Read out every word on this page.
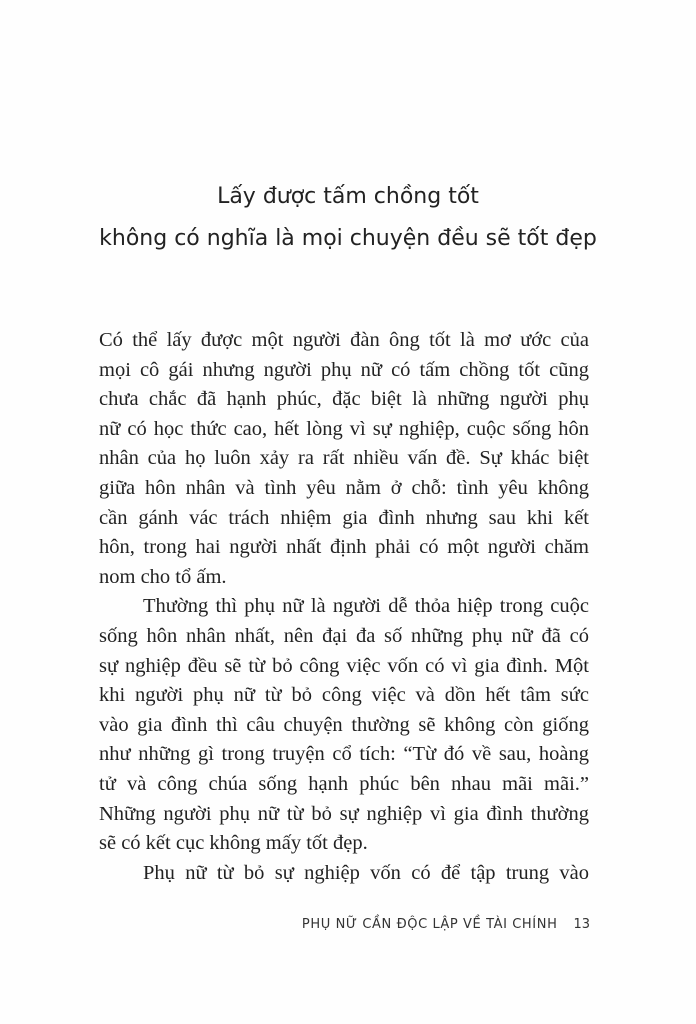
Lấy được tấm chồng tốt
không có nghĩa là mọi chuyện đều sẽ tốt đẹp
Có thể lấy được một người đàn ông tốt là mơ ước của
mọi cô gái nhưng người phụ nữ có tấm chồng tốt cũng
chưa chắc đã hạnh phúc, đặc biệt là những người phụ
nữ có học thức cao, hết lòng vì sự nghiệp, cuộc sống hôn
nhân của họ luôn xảy ra rất nhiều vấn đề. Sự khác biệt
giữa hôn nhân và tình yêu nằm ở chỗ: tình yêu không
cần gánh vác trách nhiệm gia đình nhưng sau khi kết
hôn, trong hai người nhất định phải có một người chăm
nom cho tổ ấm.
Thường thì phụ nữ là người dễ thỏa hiệp trong cuộc
sống hôn nhân nhất, nên đại đa số những phụ nữ đã có
sự nghiệp đều sẽ từ bỏ công việc vốn có vì gia đình. Một
khi người phụ nữ từ bỏ công việc và dồn hết tâm sức
vào gia đình thì câu chuyện thường sẽ không còn giống
như những gì trong truyện cổ tích: “Từ đó về sau, hoàng
tử và công chúa sống hạnh phúc bên nhau mãi mãi.”
Những người phụ nữ từ bỏ sự nghiệp vì gia đình thường
sẽ có kết cục không mấy tốt đẹp.
Phụ nữ từ bỏ sự nghiệp vốn có để tập trung vào
PHỤ NỮ CẦN ĐỘC LẬP VỀ TÀI CHÍNH 13
